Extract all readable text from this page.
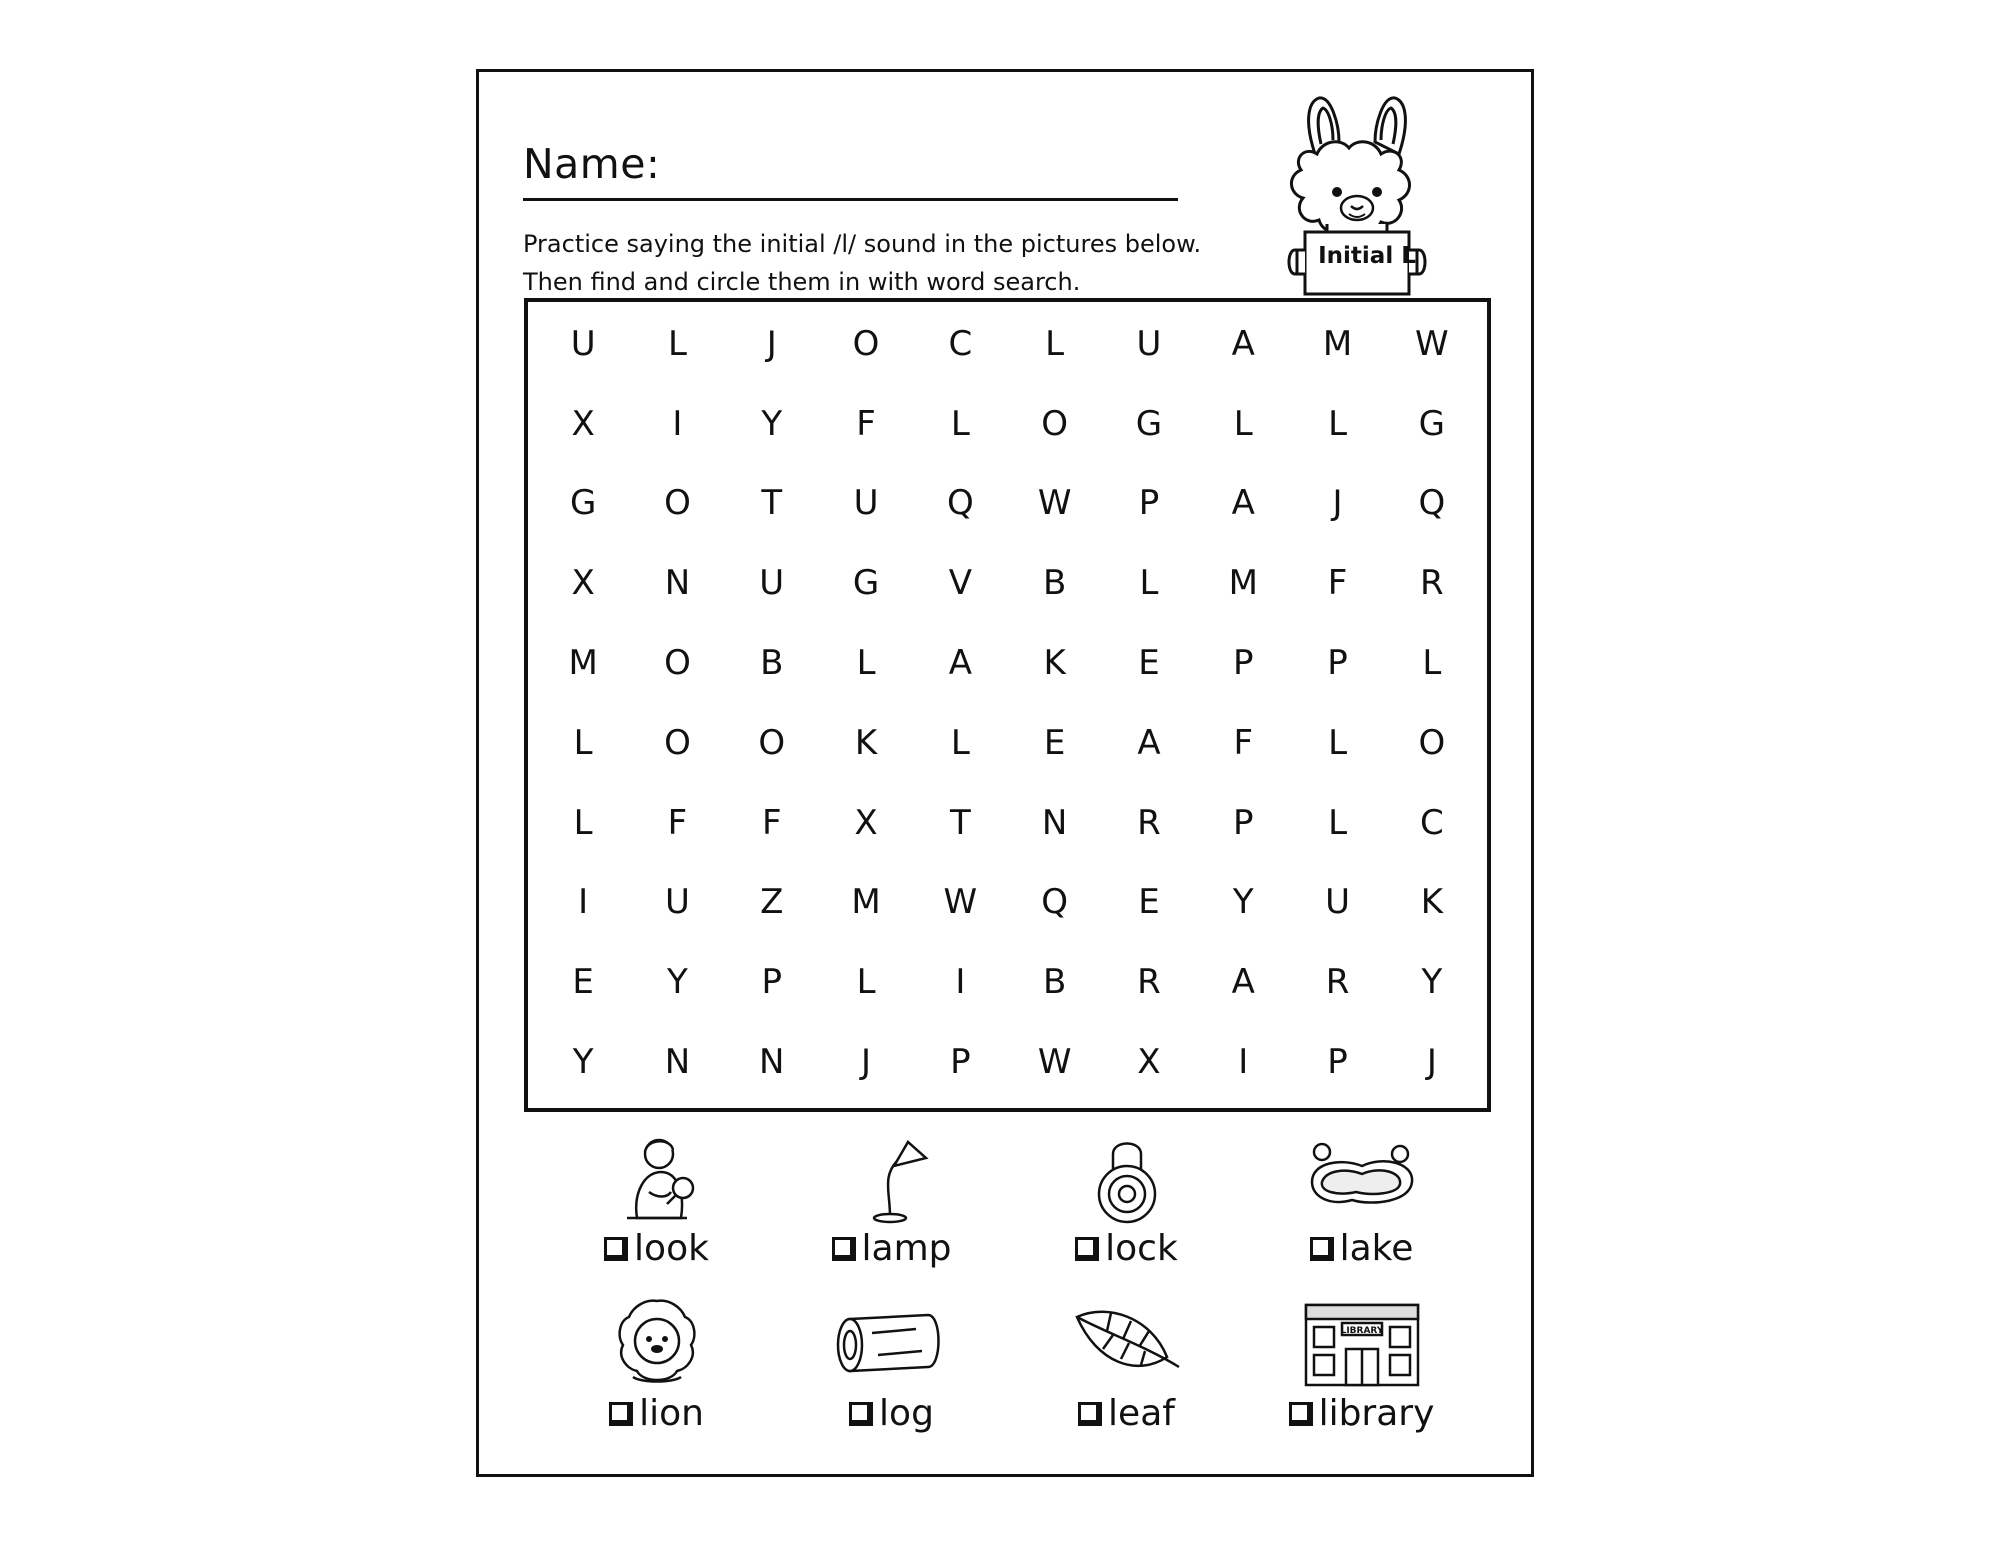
Name:
Practice saying the initial /l/ sound in the pictures below.
Then find and circle them in with word search.
Initial L
U	L	J	O	C	L	U	A	M	W
X	I	Y	F	L	O	G	L	L	G
G	O	T	U	Q	W	P	A	J	Q
X	N	U	G	V	B	L	M	F	R
M	O	B	L	A	K	E	P	P	L
L	O	O	K	L	E	A	F	L	O
L	F	F	X	T	N	R	P	L	C
I	U	Z	M	W	Q	E	Y	U	K
E	Y	P	L	I	B	R	A	R	Y
Y	N	N	J	P	W	X	I	P	J
look	lamp	lock	lake
lion	log	leaf
LIBRARY
library
